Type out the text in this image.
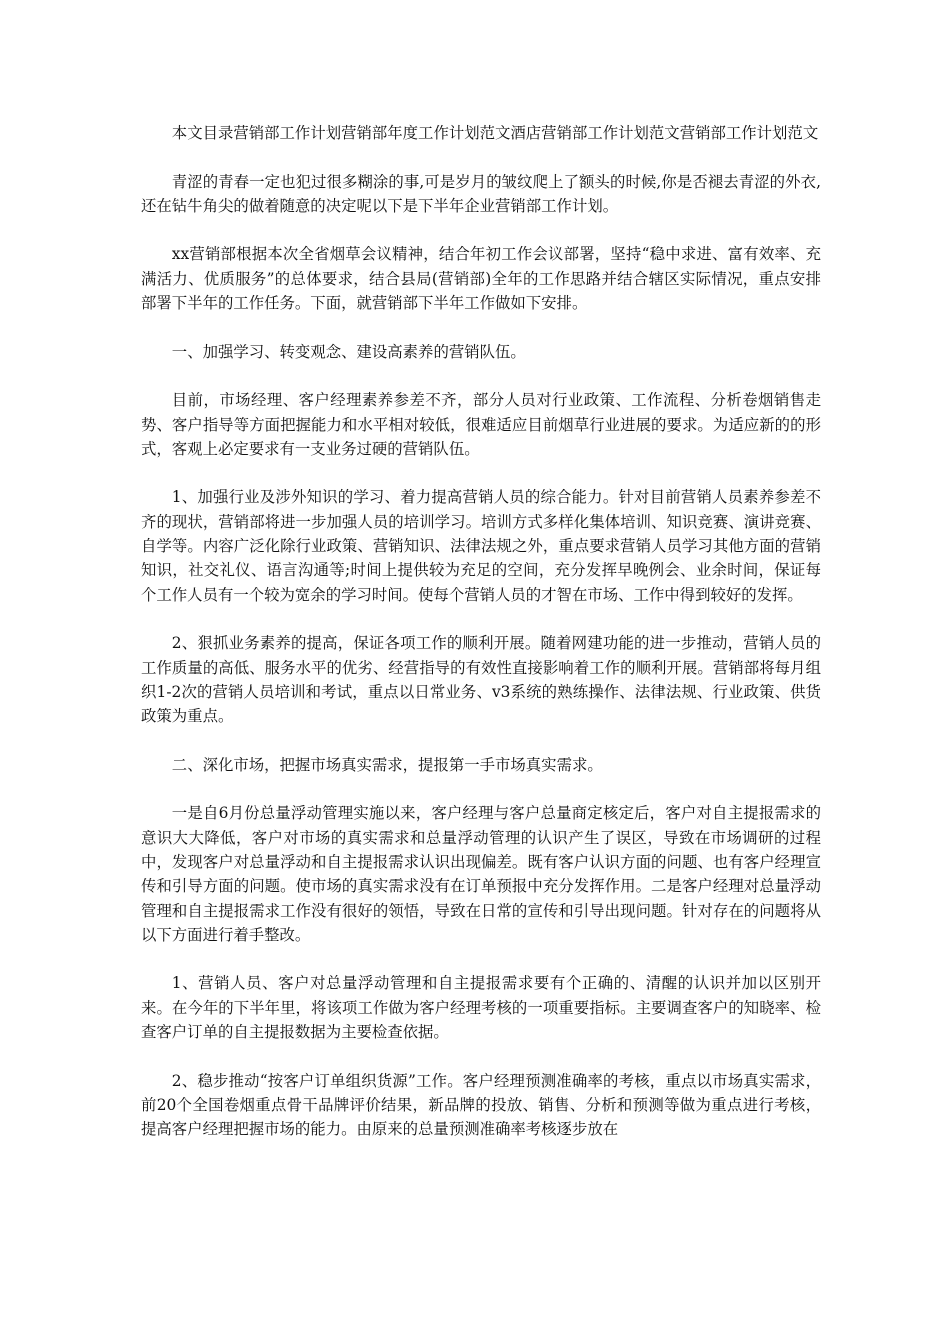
本文目录营销部工作计划营销部年度工作计划范文酒店营销部工作计划范文营销部工作计划范文

青涩的青春一定也犯过很多糊涂的事,可是岁月的皱纹爬上了额头的时候,你是否褪去青涩的外衣,还在钻牛角尖的做着随意的决定呢以下是下半年企业营销部工作计划。

xx营销部根据本次全省烟草会议精神，结合年初工作会议部署，坚持“稳中求进、富有效率、充满活力、优质服务”的总体要求，结合县局(营销部)全年的工作思路并结合辖区实际情况，重点安排部署下半年的工作任务。下面，就营销部下半年工作做如下安排。

一、加强学习、转变观念、建设高素养的营销队伍。

目前，市场经理、客户经理素养参差不齐，部分人员对行业政策、工作流程、分析卷烟销售走势、客户指导等方面把握能力和水平相对较低，很难适应目前烟草行业进展的要求。为适应新的的形式，客观上必定要求有一支业务过硬的营销队伍。

1、加强行业及涉外知识的学习、着力提高营销人员的综合能力。针对目前营销人员素养参差不齐的现状，营销部将进一步加强人员的培训学习。培训方式多样化集体培训、知识竞赛、演讲竞赛、自学等。内容广泛化除行业政策、营销知识、法律法规之外，重点要求营销人员学习其他方面的营销知识，社交礼仪、语言沟通等;时间上提供较为充足的空间，充分发挥早晚例会、业余时间，保证每个工作人员有一个较为宽余的学习时间。使每个营销人员的才智在市场、工作中得到较好的发挥。

2、狠抓业务素养的提高，保证各项工作的顺利开展。随着网建功能的进一步推动，营销人员的工作质量的高低、服务水平的优劣、经营指导的有效性直接影响着工作的顺利开展。营销部将每月组织1-2次的营销人员培训和考试，重点以日常业务、v3系统的熟练操作、法律法规、行业政策、供货政策为重点。

二、深化市场，把握市场真实需求，提报第一手市场真实需求。

一是自6月份总量浮动管理实施以来，客户经理与客户总量商定核定后，客户对自主提报需求的意识大大降低，客户对市场的真实需求和总量浮动管理的认识产生了误区，导致在市场调研的过程中，发现客户对总量浮动和自主提报需求认识出现偏差。既有客户认识方面的问题、也有客户经理宣传和引导方面的问题。使市场的真实需求没有在订单预报中充分发挥作用。二是客户经理对总量浮动管理和自主提报需求工作没有很好的领悟，导致在日常的宣传和引导出现问题。针对存在的问题将从以下方面进行着手整改。

1、营销人员、客户对总量浮动管理和自主提报需求要有个正确的、清醒的认识并加以区别开来。在今年的下半年里，将该项工作做为客户经理考核的一项重要指标。主要调查客户的知晓率、检查客户订单的自主提报数据为主要检查依据。

2、稳步推动“按客户订单组织货源”工作。客户经理预测准确率的考核，重点以市场真实需求，前20个全国卷烟重点骨干品牌评价结果，新品牌的投放、销售、分析和预测等做为重点进行考核，提高客户经理把握市场的能力。由原来的总量预测准确率考核逐步放在
